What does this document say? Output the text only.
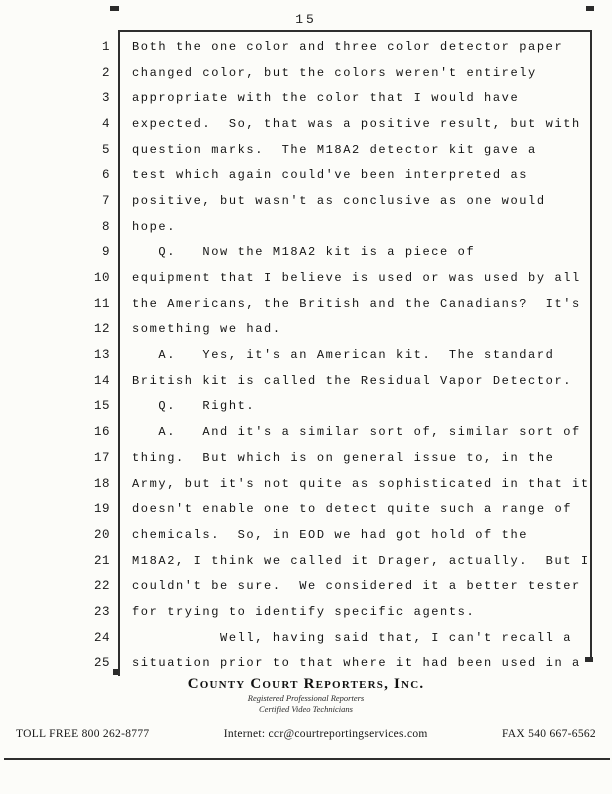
15
1	Both the one color and three color detector paper
2	changed color, but the colors weren't entirely
3	appropriate with the color that I would have
4	expected.  So, that was a positive result, but with
5	question marks.  The M18A2 detector kit gave a
6	test which again could've been interpreted as
7	positive, but wasn't as conclusive as one would
8	hope.
9	Q.   Now the M18A2 kit is a piece of
10	equipment that I believe is used or was used by all
11	the Americans, the British and the Canadians?  It's
12	something we had.
13	A.   Yes, it's an American kit.  The standard
14	British kit is called the Residual Vapor Detector.
15	Q.   Right.
16	A.   And it's a similar sort of, similar sort of
17	thing.  But which is on general issue to, in the
18	Army, but it's not quite as sophisticated in that it
19	doesn't enable one to detect quite such a range of
20	chemicals.  So, in EOD we had got hold of the
21	M18A2, I think we called it Drager, actually.  But I
22	couldn't be sure.  We considered it a better tester
23	for trying to identify specific agents.
24	Well, having said that, I can't recall a
25	situation prior to that where it had been used in a
County Court Reporters, Inc.
Registered Professional Reporters
Certified Video Technicians
TOLL FREE 800 262-8777	Internet: ccr@courtreportingservices.com	FAX 540 667-6562
